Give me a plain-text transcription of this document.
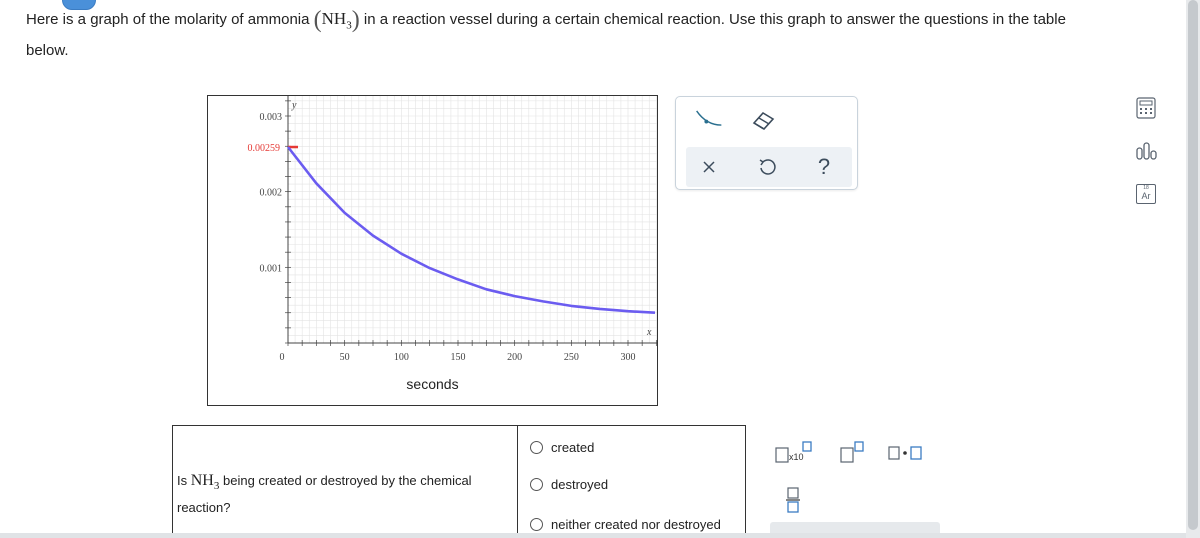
Here is a graph of the molarity of ammonia $(NH_3)$ in a reaction vessel during a certain chemical reaction. Use this graph to answer the questions in the table
below.
0	50	100	150	200	250	300
0.003
0.002
0.001
0.00259
y
x
seconds
?
18
Ar
Is $NH_3$ being created or destroyed by the chemical reaction?
created
destroyed
neither created nor destroyed
x10
